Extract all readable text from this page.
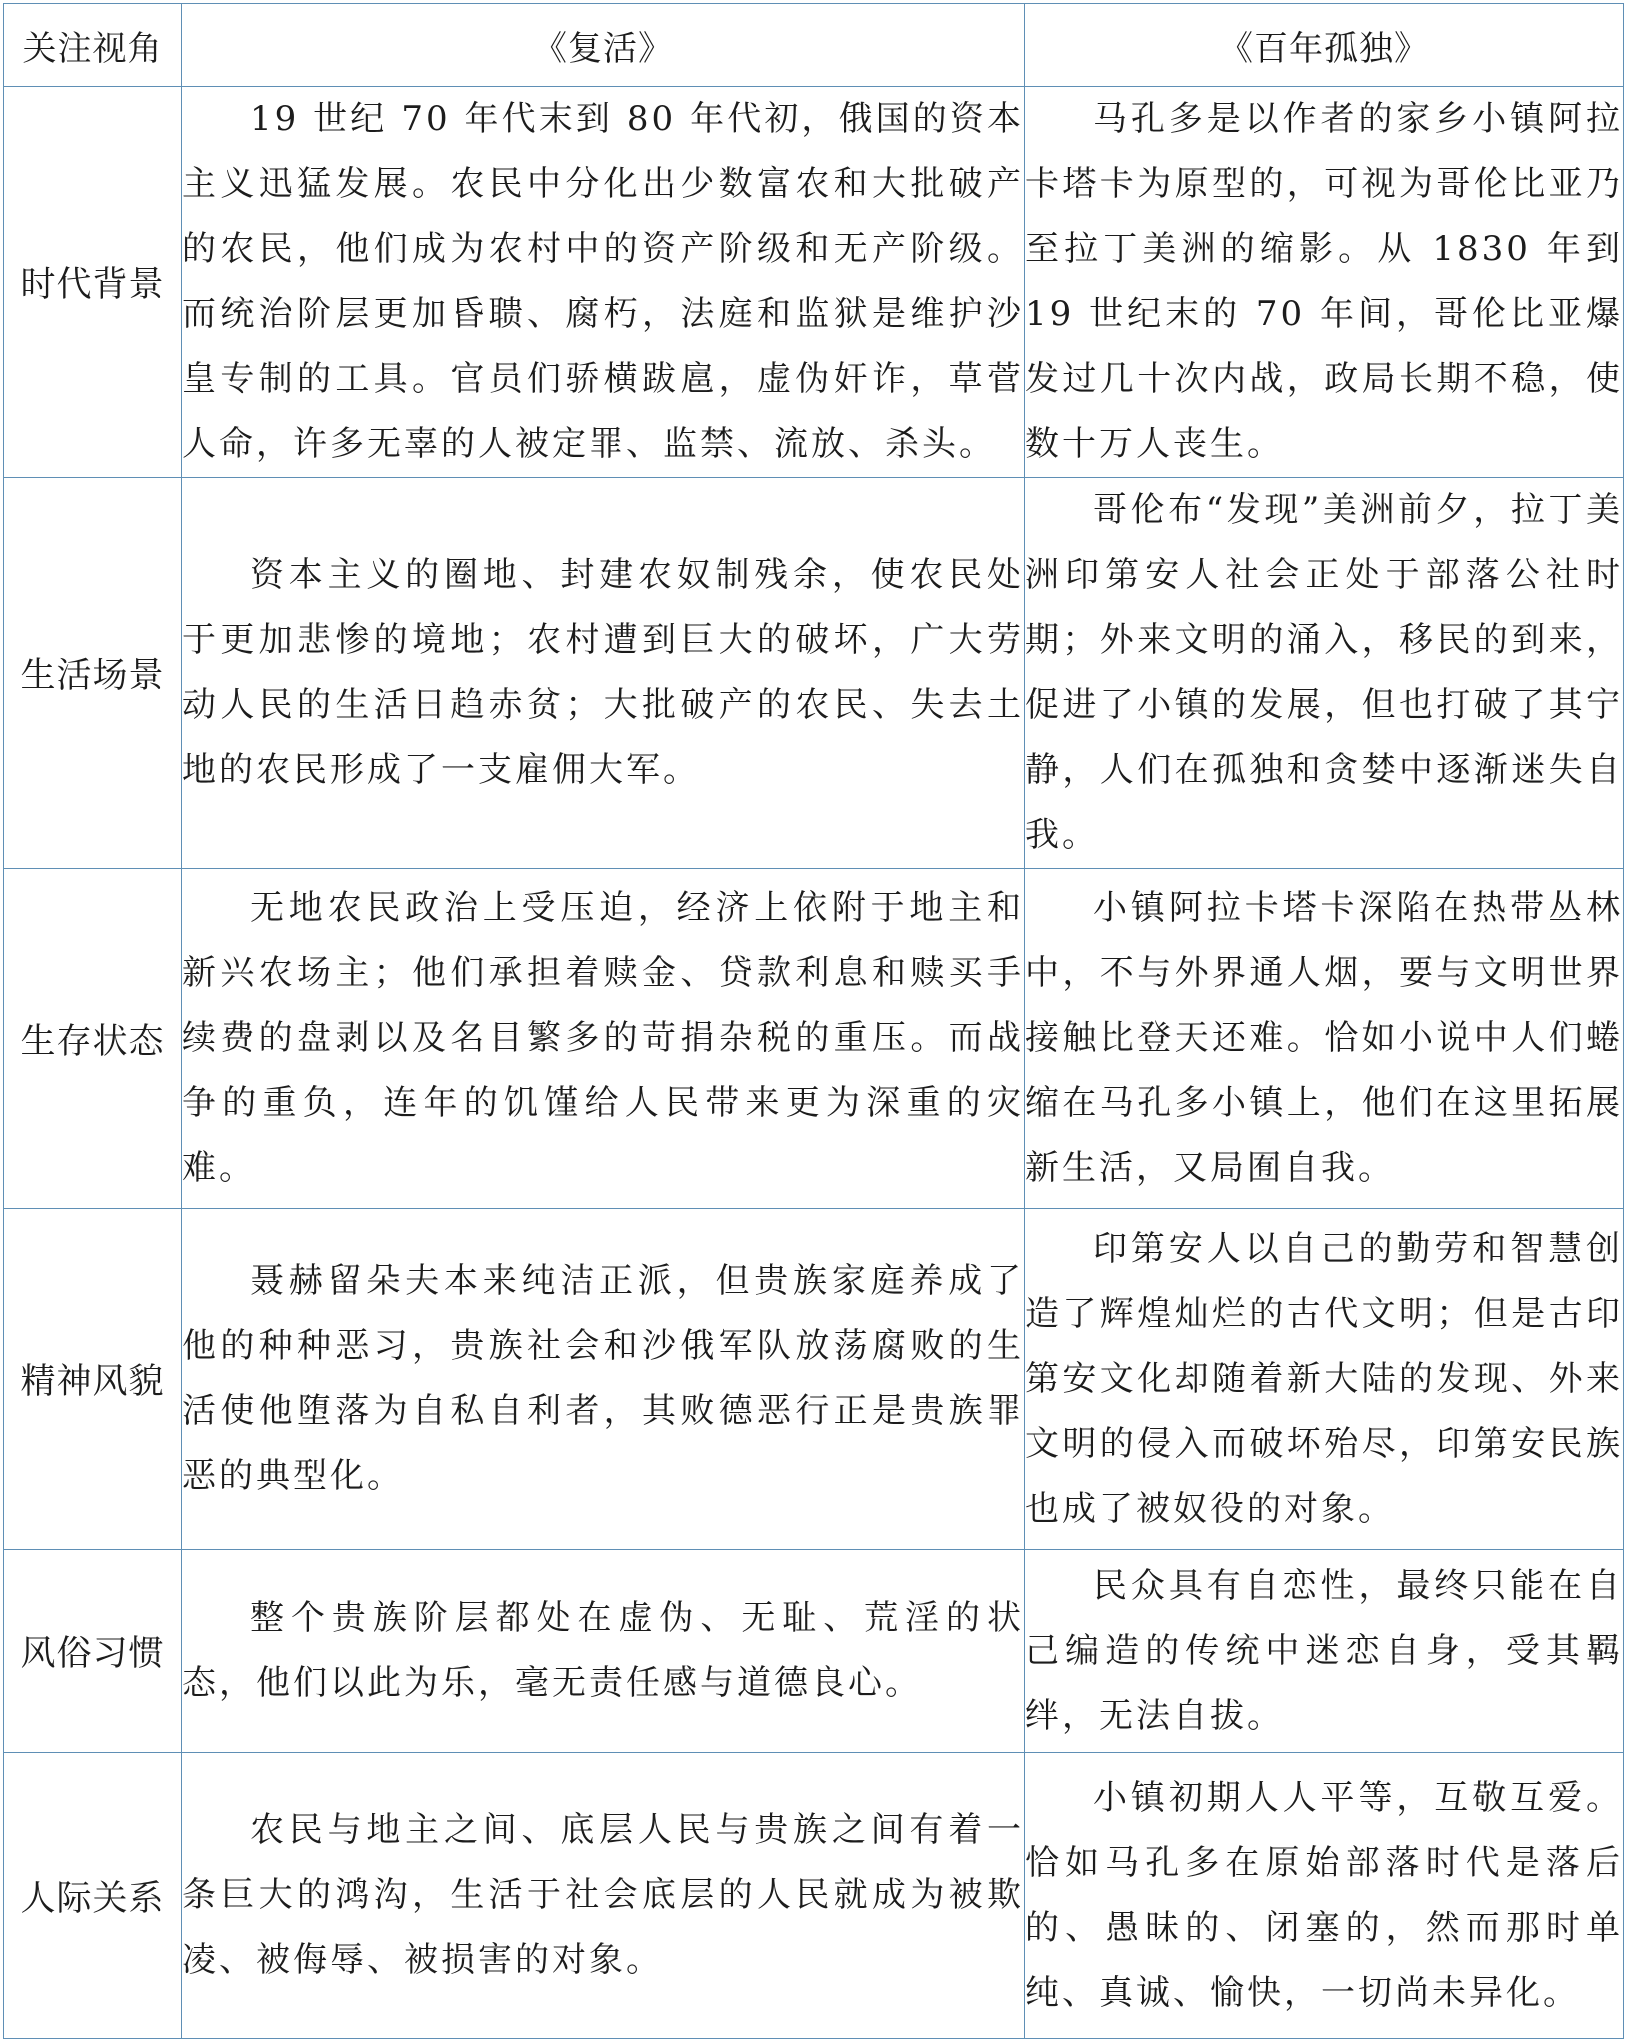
关注视角	《复活》	《百年孤独》
时代背景	19 世纪 70 年代末到 80 年代初，俄国的资本主义迅猛发展。农民中分化出少数富农和大批破产的农民，他们成为农村中的资产阶级和无产阶级。而统治阶层更加昏聩、腐朽，法庭和监狱是维护沙皇专制的工具。官员们骄横跋扈，虚伪奸诈，草菅人命，许多无辜的人被定罪、监禁、流放、杀头。	马孔多是以作者的家乡小镇阿拉卡塔卡为原型的，可视为哥伦比亚乃至拉丁美洲的缩影。从 1830 年到 19 世纪末的 70 年间，哥伦比亚爆发过几十次内战，政局长期不稳，使数十万人丧生。
生活场景	资本主义的圈地、封建农奴制残余，使农民处于更加悲惨的境地；农村遭到巨大的破坏，广大劳动人民的生活日趋赤贫；大批破产的农民、失去土地的农民形成了一支雇佣大军。	哥伦布“发现”美洲前夕，拉丁美洲印第安人社会正处于部落公社时期；外来文明的涌入，移民的到来，促进了小镇的发展，但也打破了其宁静，人们在孤独和贪婪中逐渐迷失自我。
生存状态	无地农民政治上受压迫，经济上依附于地主和新兴农场主；他们承担着赎金、贷款利息和赎买手续费的盘剥以及名目繁多的苛捐杂税的重压。而战争的重负，连年的饥馑给人民带来更为深重的灾难。	小镇阿拉卡塔卡深陷在热带丛林中，不与外界通人烟，要与文明世界接触比登天还难。恰如小说中人们蜷缩在马孔多小镇上，他们在这里拓展新生活，又局囿自我。
精神风貌	聂赫留朵夫本来纯洁正派，但贵族家庭养成了他的种种恶习，贵族社会和沙俄军队放荡腐败的生活使他堕落为自私自利者，其败德恶行正是贵族罪恶的典型化。	印第安人以自己的勤劳和智慧创造了辉煌灿烂的古代文明；但是古印第安文化却随着新大陆的发现、外来文明的侵入而破坏殆尽，印第安民族也成了被奴役的对象。
风俗习惯	整个贵族阶层都处在虚伪、无耻、荒淫的状态，他们以此为乐，毫无责任感与道德良心。	民众具有自恋性，最终只能在自己编造的传统中迷恋自身，受其羁绊，无法自拔。
人际关系	农民与地主之间、底层人民与贵族之间有着一条巨大的鸿沟，生活于社会底层的人民就成为被欺凌、被侮辱、被损害的对象。	小镇初期人人平等，互敬互爱。恰如马孔多在原始部落时代是落后的、愚昧的、闭塞的，然而那时单纯、真诚、愉快，一切尚未异化。
